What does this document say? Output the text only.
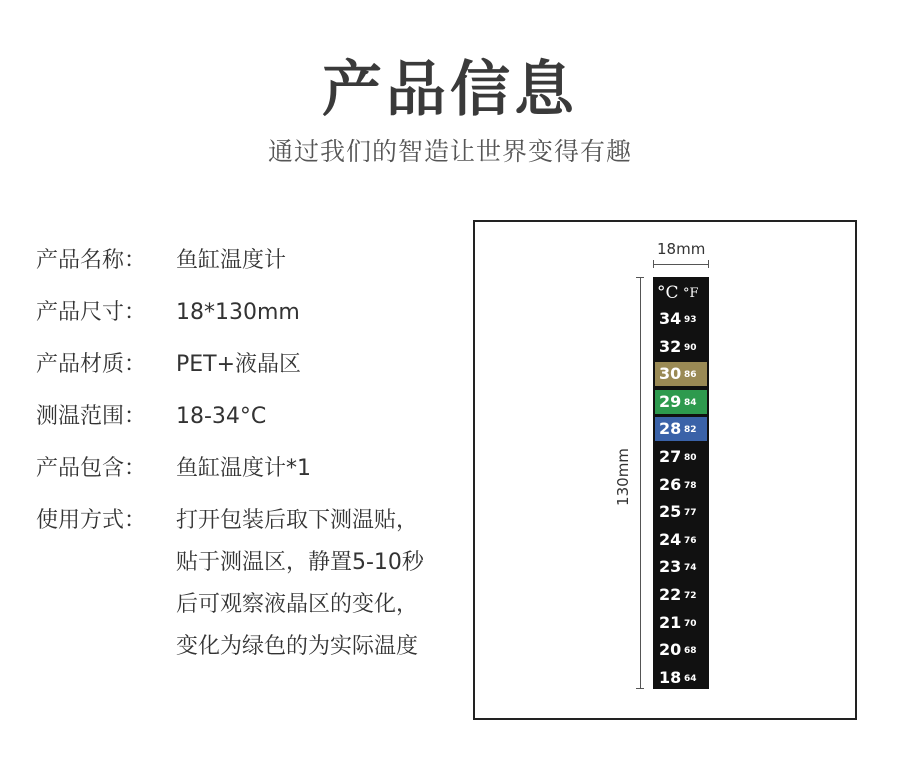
产品信息
通过我们的智造让世界变得有趣
产品名称：	鱼缸温度计
产品尺寸：	18*130mm
产品材质：	PET+液晶区
测温范围：	18-34°C
产品包含：	鱼缸温度计*1
使用方式：	打开包装后取下测温贴，
贴于测温区，静置5-10秒
后可观察液晶区的变化，
变化为绿色的为实际温度
18mm
130mm
°C °F
34 93
32 90
30 86
29 84
28 82
27 80
26 78
25 77
24 76
23 74
22 72
21 70
20 68
18 64
